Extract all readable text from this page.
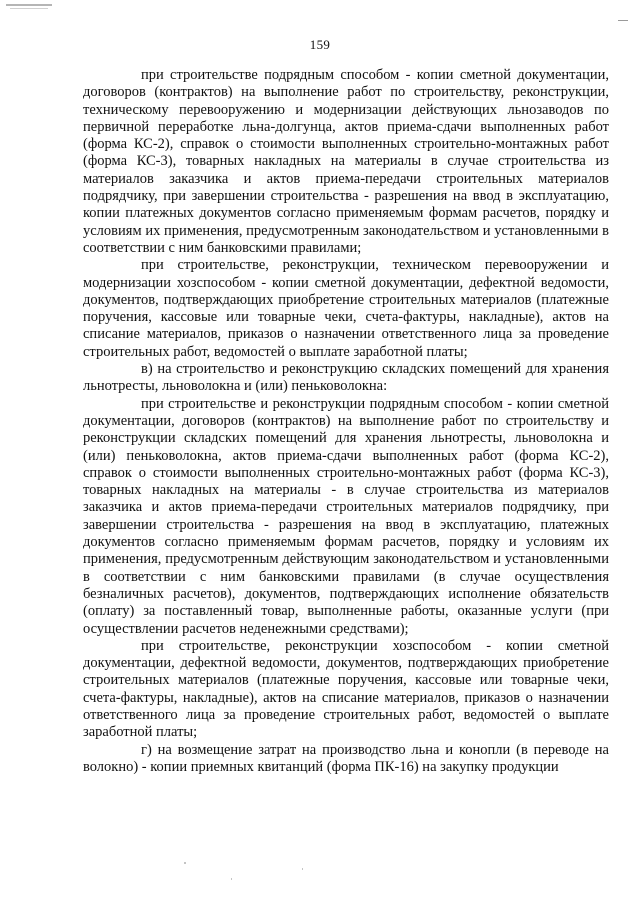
159

при строительстве подрядным способом - копии сметной документации, договоров (контрактов) на выполнение работ по строительству, реконструкции, техническому перевооружению и модернизации действующих льнозаводов по первичной переработке льна-долгунца, актов приема-сдачи выполненных работ (форма КС-2), справок о стоимости выполненных строительно-монтажных работ (форма КС-3), товарных накладных на материалы в случае строительства из материалов заказчика и актов приема-передачи строительных материалов подрядчику, при завершении строительства - разрешения на ввод в эксплуатацию, копии платежных документов согласно применяемым формам расчетов, порядку и условиям их применения, предусмотренным законодательством и установленными в соответствии с ним банковскими правилами;

при строительстве, реконструкции, техническом перевооружении и модернизации хозспособом - копии сметной документации, дефектной ведомости, документов, подтверждающих приобретение строительных материалов (платежные поручения, кассовые или товарные чеки, счета-фактуры, накладные), актов на списание материалов, приказов о назначении ответственного лица за проведение строительных работ, ведомостей о выплате заработной платы;

в) на строительство и реконструкцию складских помещений для хранения льнотресты, льноволокна и (или) пеньковолокна:

при строительстве и реконструкции подрядным способом - копии сметной документации, договоров (контрактов) на выполнение работ по строительству и реконструкции складских помещений для хранения льнотресты, льноволокна и (или) пеньковолокна, актов приема-сдачи выполненных работ (форма КС-2), справок о стоимости выполненных строительно-монтажных работ (форма КС-3), товарных накладных на материалы - в случае строительства из материалов заказчика и актов приема-передачи строительных материалов подрядчику, при завершении строительства - разрешения на ввод в эксплуатацию, платежных документов согласно применяемым формам расчетов, порядку и условиям их применения, предусмотренным действующим законодательством и установленными в соответствии с ним банковскими правилами (в случае осуществления безналичных расчетов), документов, подтверждающих исполнение обязательств (оплату) за поставленный товар, выполненные работы, оказанные услуги (при осуществлении расчетов неденежными средствами);

при строительстве, реконструкции хозспособом - копии сметной документации, дефектной ведомости, документов, подтверждающих приобретение строительных материалов (платежные поручения, кассовые или товарные чеки, счета-фактуры, накладные), актов на списание материалов, приказов о назначении ответственного лица за проведение строительных работ, ведомостей о выплате заработной платы;

г) на возмещение затрат на производство льна и конопли (в переводе на волокно) - копии приемных квитанций (форма ПК-16) на закупку продукции
